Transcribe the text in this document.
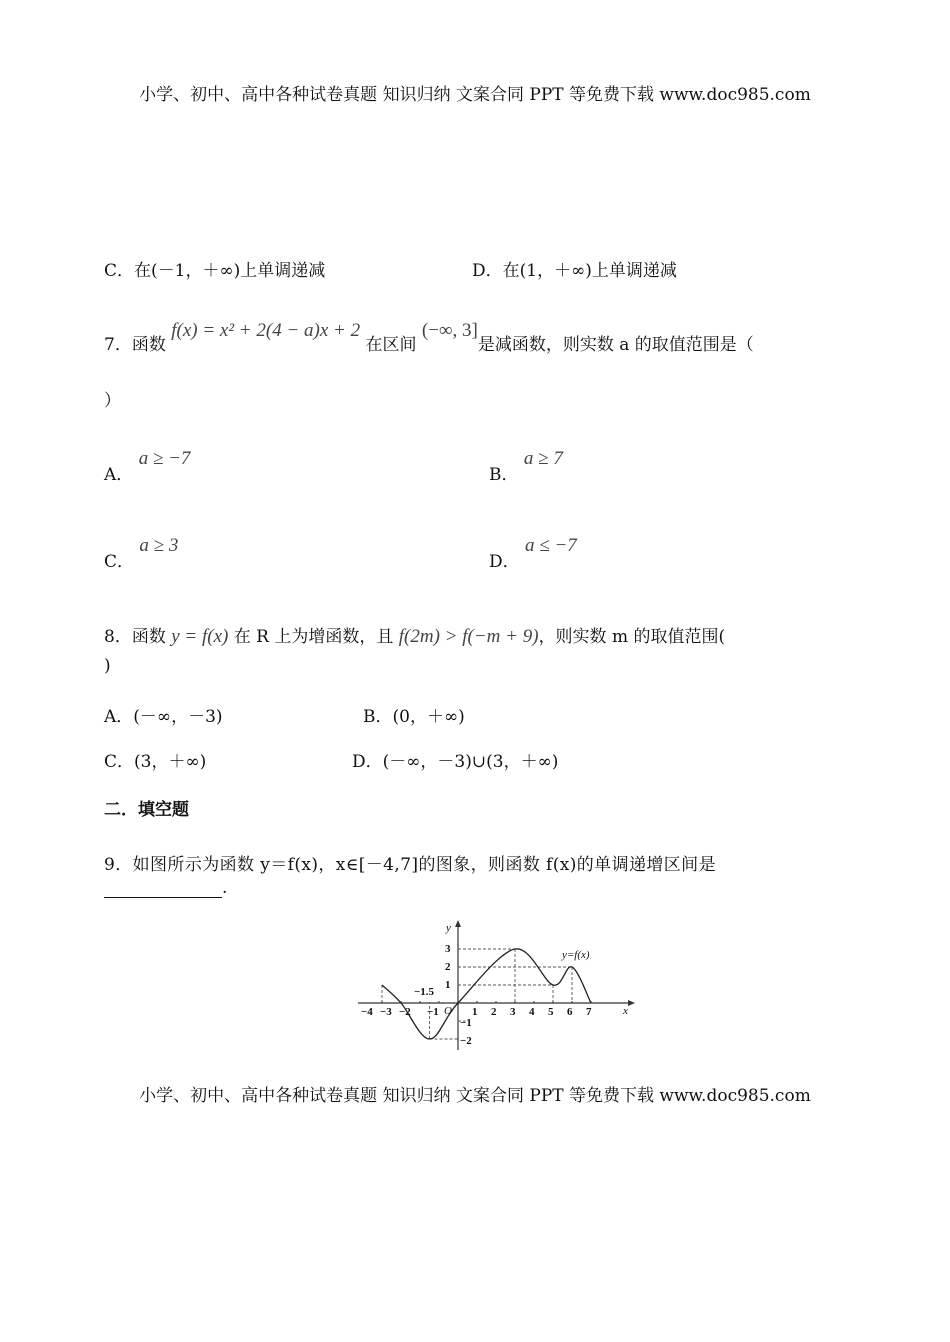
小学、初中、高中各种试卷真题 知识归纳 文案合同 PPT 等免费下载 www.doc985.com
C．在(－1，＋∞)上单调递减	D．在(1，＋∞)上单调递减
7．函数 f(x) = x² + 2(4 − a)x + 2 在区间 (−∞, 3]是减函数，则实数 a 的取值范围是（
）
A． a ≥ −7
B． a ≥ 7
C． a ≥ 3
D． a ≤ −7
8．函数 y = f(x) 在 R 上为增函数，且 f(2m) > f(−m + 9)，则实数 m 的取值范围(
)
A．(－∞，－3)	B．(0，＋∞)
C．(3，＋∞)	D．(－∞，－3)∪(3，＋∞)
二．填空题
9．如图所示为函数 y＝f(x)，x∈[－4,7]的图象，则函数 f(x)的单调递增区间是
.
x
y
O
y=f(x)
−1.5
−4 −3 −2 −1	1 2 3 4 5 6 7
1
2
3
−1
−2
小学、初中、高中各种试卷真题 知识归纳 文案合同 PPT 等免费下载 www.doc985.com
